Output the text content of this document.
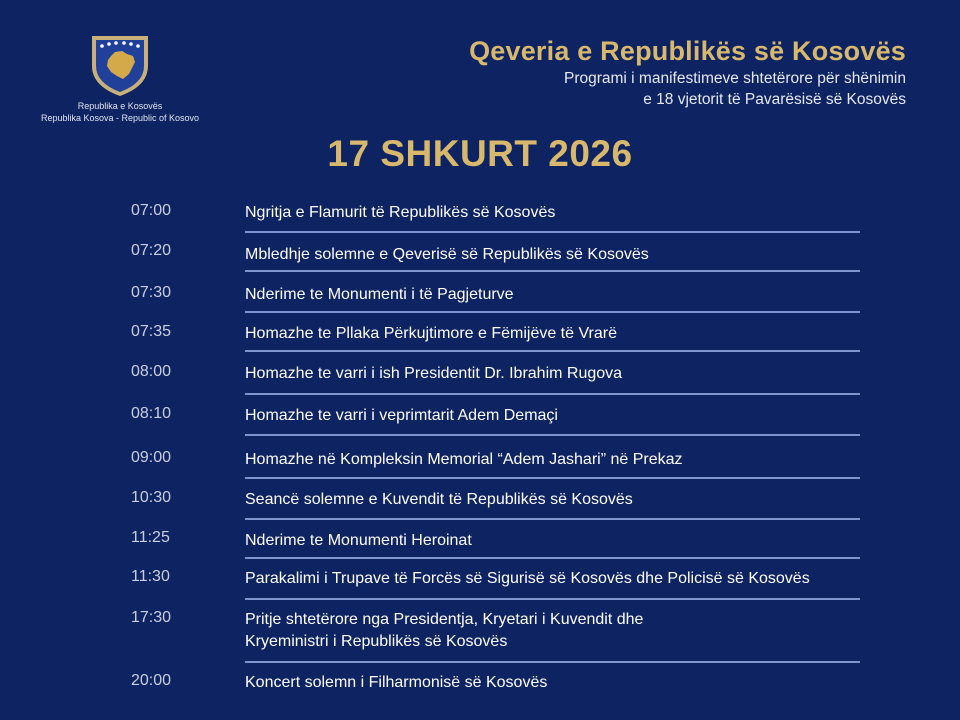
Republika e Kosovës
Republika Kosova - Republic of Kosovo
Qeveria e Republikës së Kosovës
Programi i manifestimeve shtetërore për shënimin
e 18 vjetorit të Pavarësisë së Kosovës
17 SHKURT 2026
07:00	Ngritja e Flamurit të Republikës së Kosovës
07:20	Mbledhje solemne e Qeverisë së Republikës së Kosovës
07:30	Nderime te Monumenti i të Pagjeturve
07:35	Homazhe te Pllaka Përkujtimore e Fëmijëve të Vrarë
08:00	Homazhe te varri i ish Presidentit Dr. Ibrahim Rugova
08:10	Homazhe te varri i veprimtarit Adem Demaçi
09:00	Homazhe në Kompleksin Memorial “Adem Jashari” në Prekaz
10:30	Seancë solemne e Kuvendit të Republikës së Kosovës
11:25	Nderime te Monumenti Heroinat
11:30	Parakalimi i Trupave të Forcës së Sigurisë së Kosovës dhe Policisë së Kosovës
17:30	Pritje shtetërore nga Presidentja, Kryetari i Kuvendit dhe
Kryeministri i Republikës së Kosovës
20:00	Koncert solemn i Filharmonisë së Kosovës
